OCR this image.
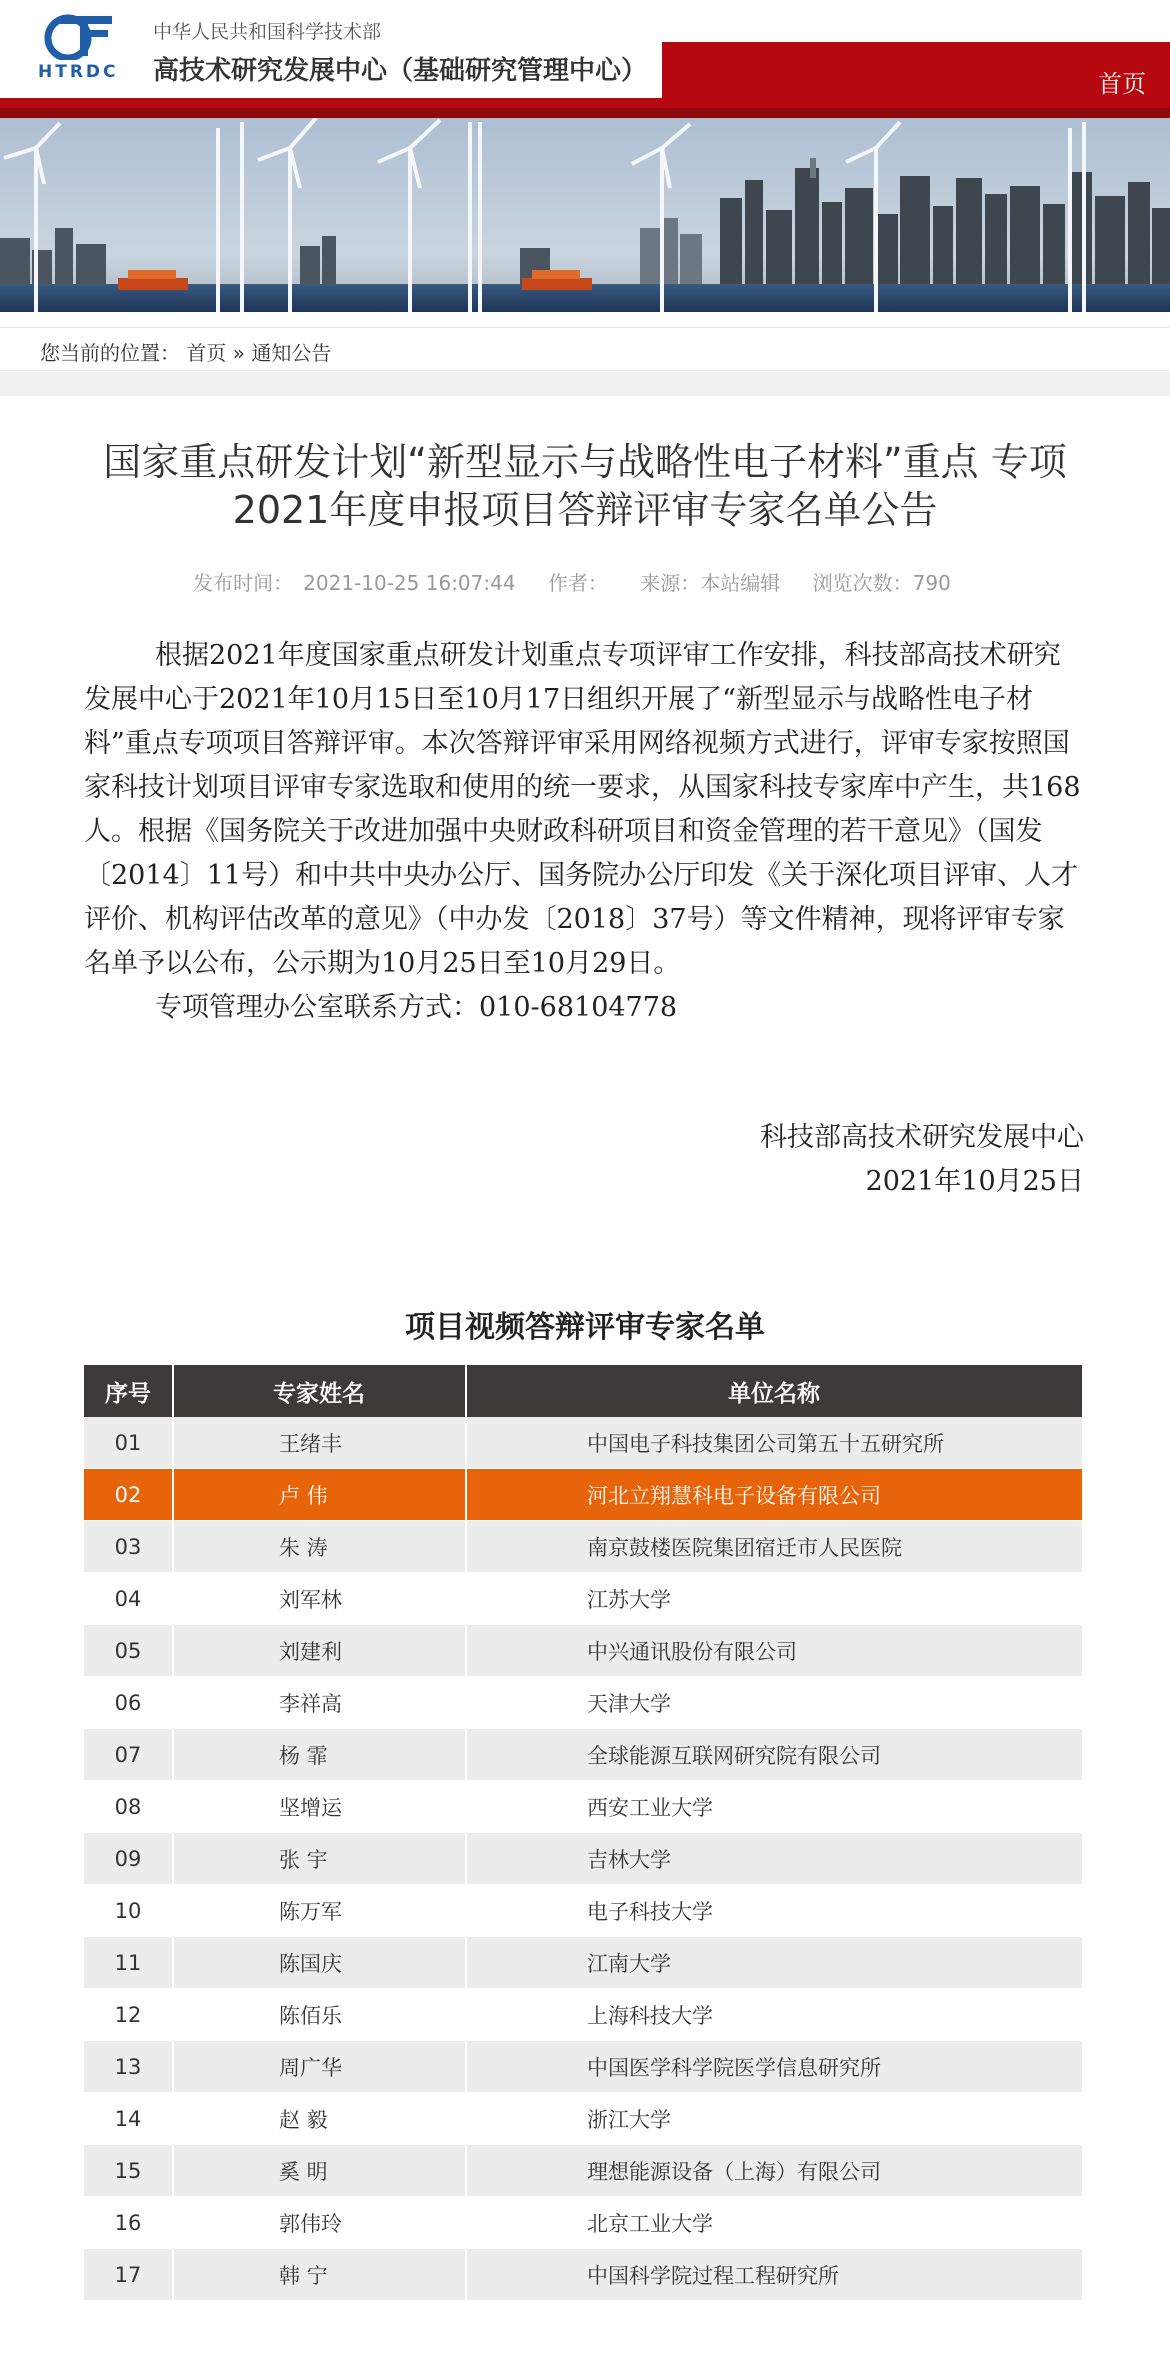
HTRDC
中华人民共和国科学技术部
高技术研究发展中心（基础研究管理中心）	首页
您当前的位置： 首页 » 通知公告
国家重点研发计划“新型显示与战略性电子材料”重点 专项
2021年度申报项目答辩评审专家名单公告
发布时间：　2021-10-25 16:07:44 作者： 来源：本站编辑 浏览次数：790

根据2021年度国家重点研发计划重点专项评审工作安排，科技部高技术研究发展中心于2021年10月15日至10月17日组织开展了“新型显示与战略性电子材料”重点专项项目答辩评审。本次答辩评审采用网络视频方式进行，评审专家按照国家科技计划项目评审专家选取和使用的统一要求，从国家科技专家库中产生，共168人。根据《国务院关于改进加强中央财政科研项目和资金管理的若干意见》（国发〔2014〕11号）和中共中央办公厅、国务院办公厅印发《关于深化项目评审、人才评价、机构评估改革的意见》（中办发〔2018〕37号）等文件精神，现将评审专家名单予以公布，公示期为10月25日至10月29日。

专项管理办公室联系方式：010-68104778

科技部高技术研究发展中心
2021年10月25日
项目视频答辩评审专家名单
序号	专家姓名	单位名称
01	王绪丰	中国电子科技集团公司第五十五研究所
02	卢 伟	河北立翔慧科电子设备有限公司
03	朱 涛	南京鼓楼医院集团宿迁市人民医院
04	刘军林	江苏大学
05	刘建利	中兴通讯股份有限公司
06	李祥高	天津大学
07	杨 霏	全球能源互联网研究院有限公司
08	坚增运	西安工业大学
09	张 宇	吉林大学
10	陈万军	电子科技大学
11	陈国庆	江南大学
12	陈佰乐	上海科技大学
13	周广华	中国医学科学院医学信息研究所
14	赵 毅	浙江大学
15	奚 明	理想能源设备（上海）有限公司
16	郭伟玲	北京工业大学
17	韩 宁	中国科学院过程工程研究所
